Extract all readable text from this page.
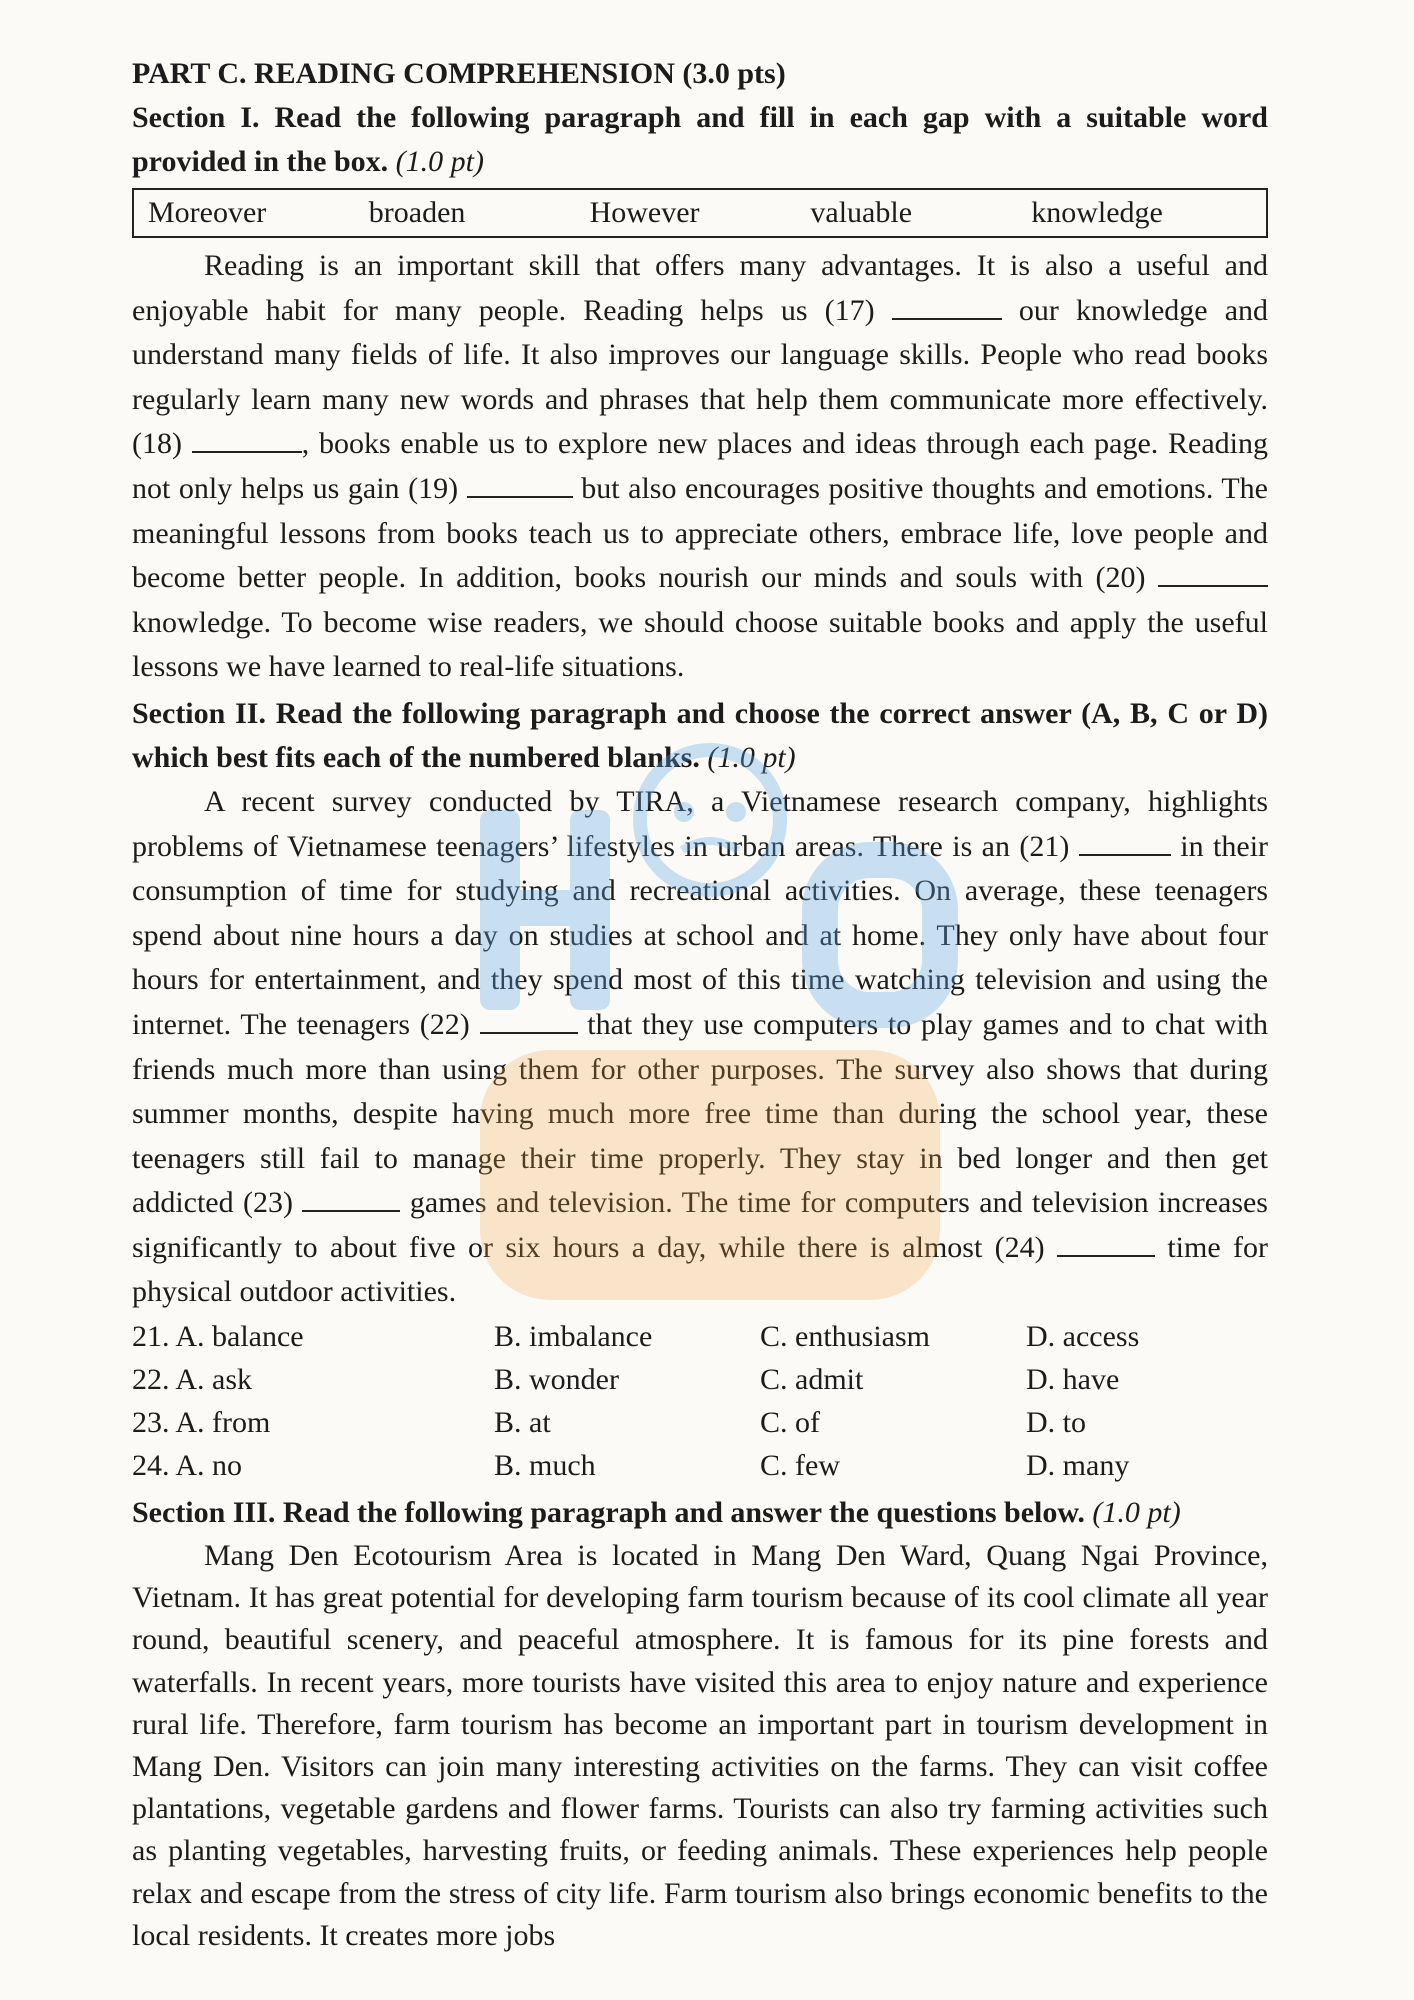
PART C. READING COMPREHENSION (3.0 pts)

Section I. Read the following paragraph and fill in each gap with a suitable word provided in the box. (1.0 pt)

Moreover	broaden	However	valuable	knowledge

Reading is an important skill that offers many advantages. It is also a useful and enjoyable habit for many people. Reading helps us (17)	our knowledge and understand many fields of life. It also improves our language skills. People who read books regularly learn many new words and phrases that help them communicate more effectively. (18)	, books enable us to explore new places and ideas through each page. Reading not only helps us gain (19)	but also encourages positive thoughts and emotions. The meaningful lessons from books teach us to appreciate others, embrace life, love people and become better people. In addition, books nourish our minds and souls with (20)  knowledge. To become wise readers, we should choose suitable books and apply the useful lessons we have learned to real-life situations.

Section II. Read the following paragraph and choose the correct answer (A, B, C or D) which best fits each of the numbered blanks. (1.0 pt)

A recent survey conducted by TIRA, a Vietnamese research company, highlights problems of Vietnamese teenagers’ lifestyles in urban areas. There is an (21)	in their consumption of time for studying and recreational activities. On average, these teenagers spend about nine hours a day on studies at school and at home. They only have about four hours for entertainment, and they spend most of this time watching television and using the internet. The teenagers (22)	that they use computers to play games and to chat with friends much more than using them for other purposes. The survey also shows that during summer months, despite having much more free time than during the school year, these teenagers still fail to manage their time properly. They stay in bed longer and then get addicted (23)	games and television. The time for computers and television increases significantly to about five or six hours a day, while there is almost (24)	time for physical outdoor activities.

21. A. balance	B. imbalance	C. enthusiasm	D. access
22. A. ask	B. wonder	C. admit	D. have
23. A. from	B. at	C. of	D. to
24. A. no	B. much	C. few	D. many

Section III. Read the following paragraph and answer the questions below. (1.0 pt)

Mang Den Ecotourism Area is located in Mang Den Ward, Quang Ngai Province, Vietnam. It has great potential for developing farm tourism because of its cool climate all year round, beautiful scenery, and peaceful atmosphere. It is famous for its pine forests and waterfalls. In recent years, more tourists have visited this area to enjoy nature and experience rural life. Therefore, farm tourism has become an important part in tourism development in Mang Den. Visitors can join many interesting activities on the farms. They can visit coffee plantations, vegetable gardens and flower farms. Tourists can also try farming activities such as planting vegetables, harvesting fruits, or feeding animals. These experiences help people relax and escape from the stress of city life. Farm tourism also brings economic benefits to the local residents. It creates more jobs
